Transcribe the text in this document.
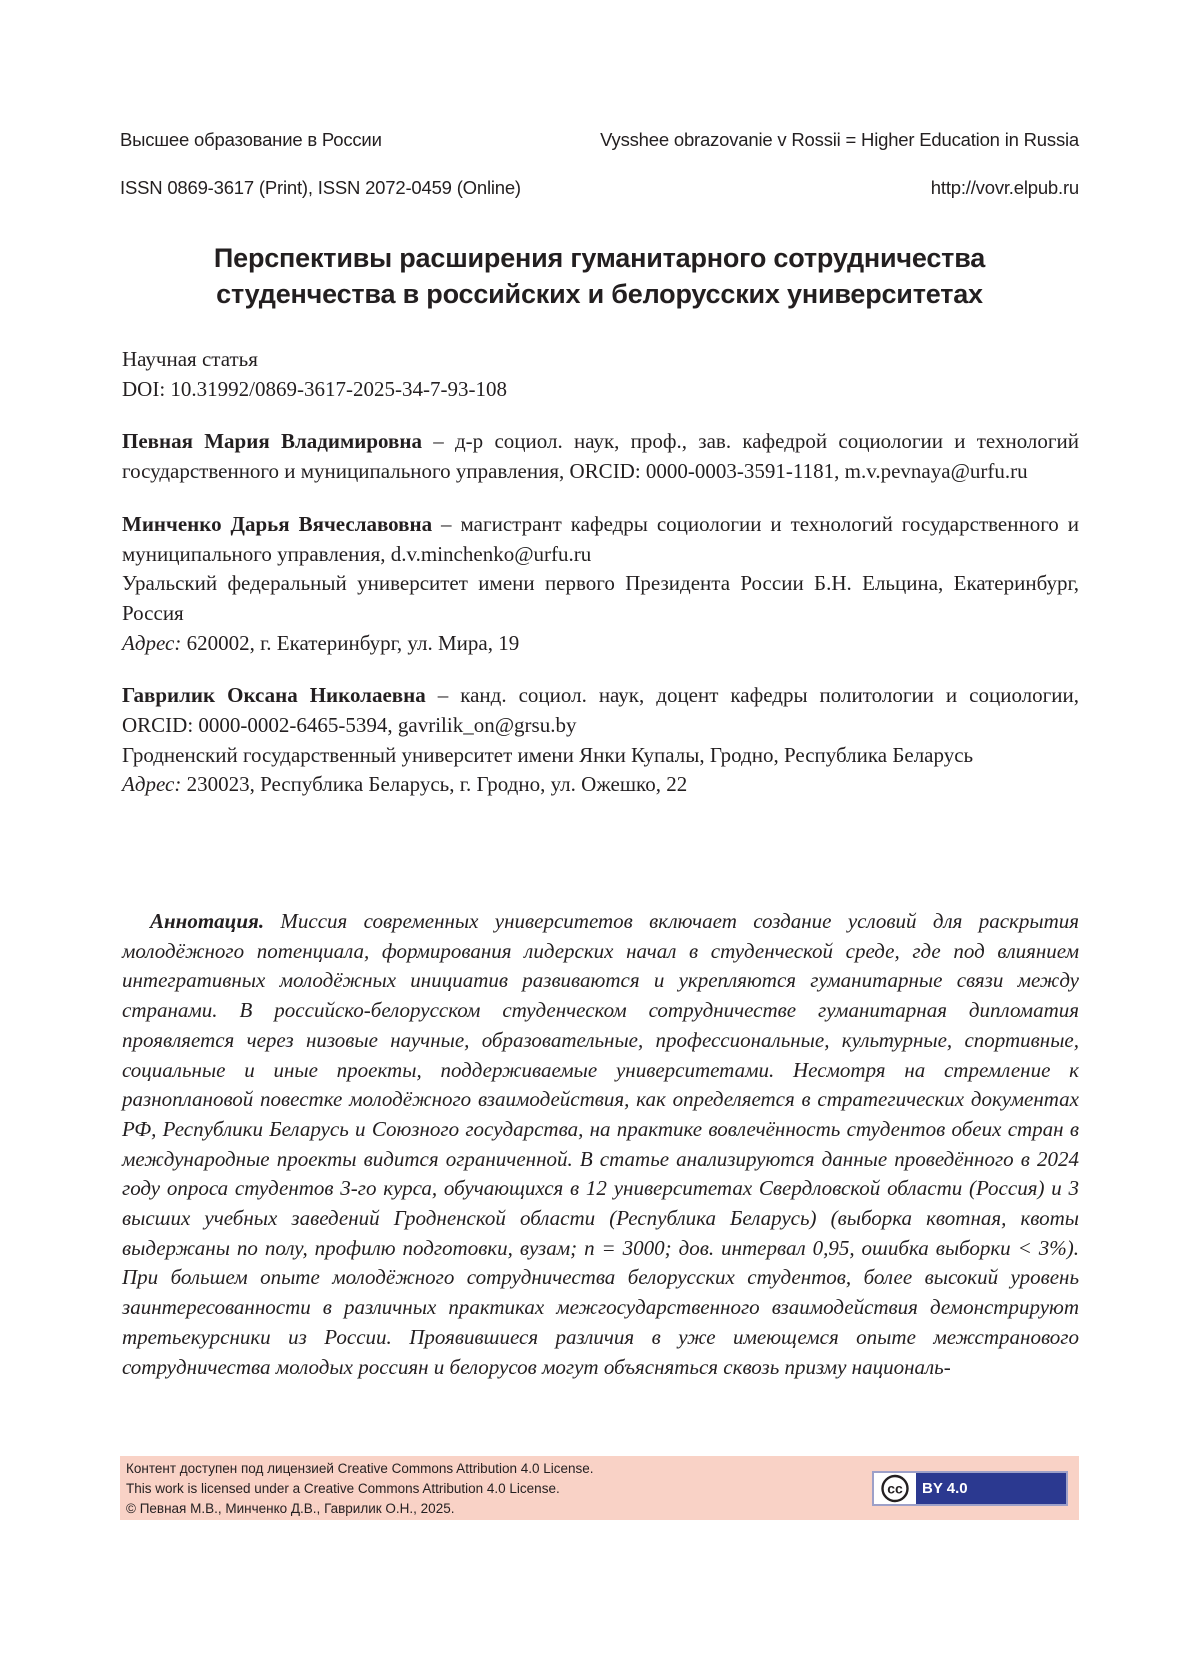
Высшее образование в России	Vysshee obrazovanie v Rossii = Higher Education in Russia
ISSN 0869-3617 (Print), ISSN 2072-0459 (Online)	http://vovr.elpub.ru
Перспективы расширения гуманитарного сотрудничества
студенчества в российских и белорусских университетах

Научная статья

DOI: 10.31992/0869-3617-2025-34-7-93-108

Певная Мария Владимировна – д-р социол. наук, проф., зав. кафедрой социологии и технологий государственного и муниципального управления, ORCID: 0000-0003-3591-1181, m.v.pevnaya@urfu.ru

Минченко Дарья Вячеславовна – магистрант кафедры социологии и технологий государственного и муниципального управления, d.v.minchenko@urfu.ru

Уральский федеральный университет имени первого Президента России Б.Н. Ельцина, Екатеринбург, Россия

Адрес: 620002, г. Екатеринбург, ул. Мира, 19

Гаврилик Оксана Николаевна – канд. социол. наук, доцент кафедры политологии и социологии, ORCID: 0000-0002-6465-5394, gavrilik_on@grsu.by

Гродненский государственный университет имени Янки Купалы, Гродно, Республика Беларусь

Адрес: 230023, Республика Беларусь, г. Гродно, ул. Ожешко, 22

Аннотация. Миссия современных университетов включает создание условий для раскрытия молодёжного потенциала, формирования лидерских начал в студенческой среде, где под влиянием интегративных молодёжных инициатив развиваются и укрепляются гуманитарные связи между странами. В российско-белорусском студенческом сотрудничестве гуманитарная дипломатия проявляется через низовые научные, образовательные, профессиональные, культурные, спортивные, социальные и иные проекты, поддерживаемые университетами. Несмотря на стремление к разноплановой повестке молодёжного взаимодействия, как определяется в стратегических документах РФ, Республики Беларусь и Союзного государства, на практике вовлечённость студентов обеих стран в международные проекты видится ограниченной. В статье анализируются данные проведённого в 2024 году опроса студентов 3-го курса, обучающихся в 12 университетах Свердловской области (Россия) и 3 высших учебных заведений Гродненской области (Республика Беларусь) (выборка квотная, квоты выдержаны по полу, профилю подготовки, вузам; n = 3000; дов. интервал 0,95, ошибка выборки < 3%). При большем опыте молодёжного сотрудничества белорусских студентов, более высокий уровень заинтересованности в различных практиках межгосударственного взаимодействия демонстрируют третьекурсники из России. Проявившиеся различия в уже имеющемся опыте межстранового сотрудничества молодых россиян и белорусов могут объясняться сквозь призму националь-

Контент доступен под лицензией Creative Commons Attribution 4.0 License.
This work is licensed under a Creative Commons Attribution 4.0 License.
© Певная М.В., Минченко Д.В., Гаврилик О.Н., 2025.
cc BY 4.0
